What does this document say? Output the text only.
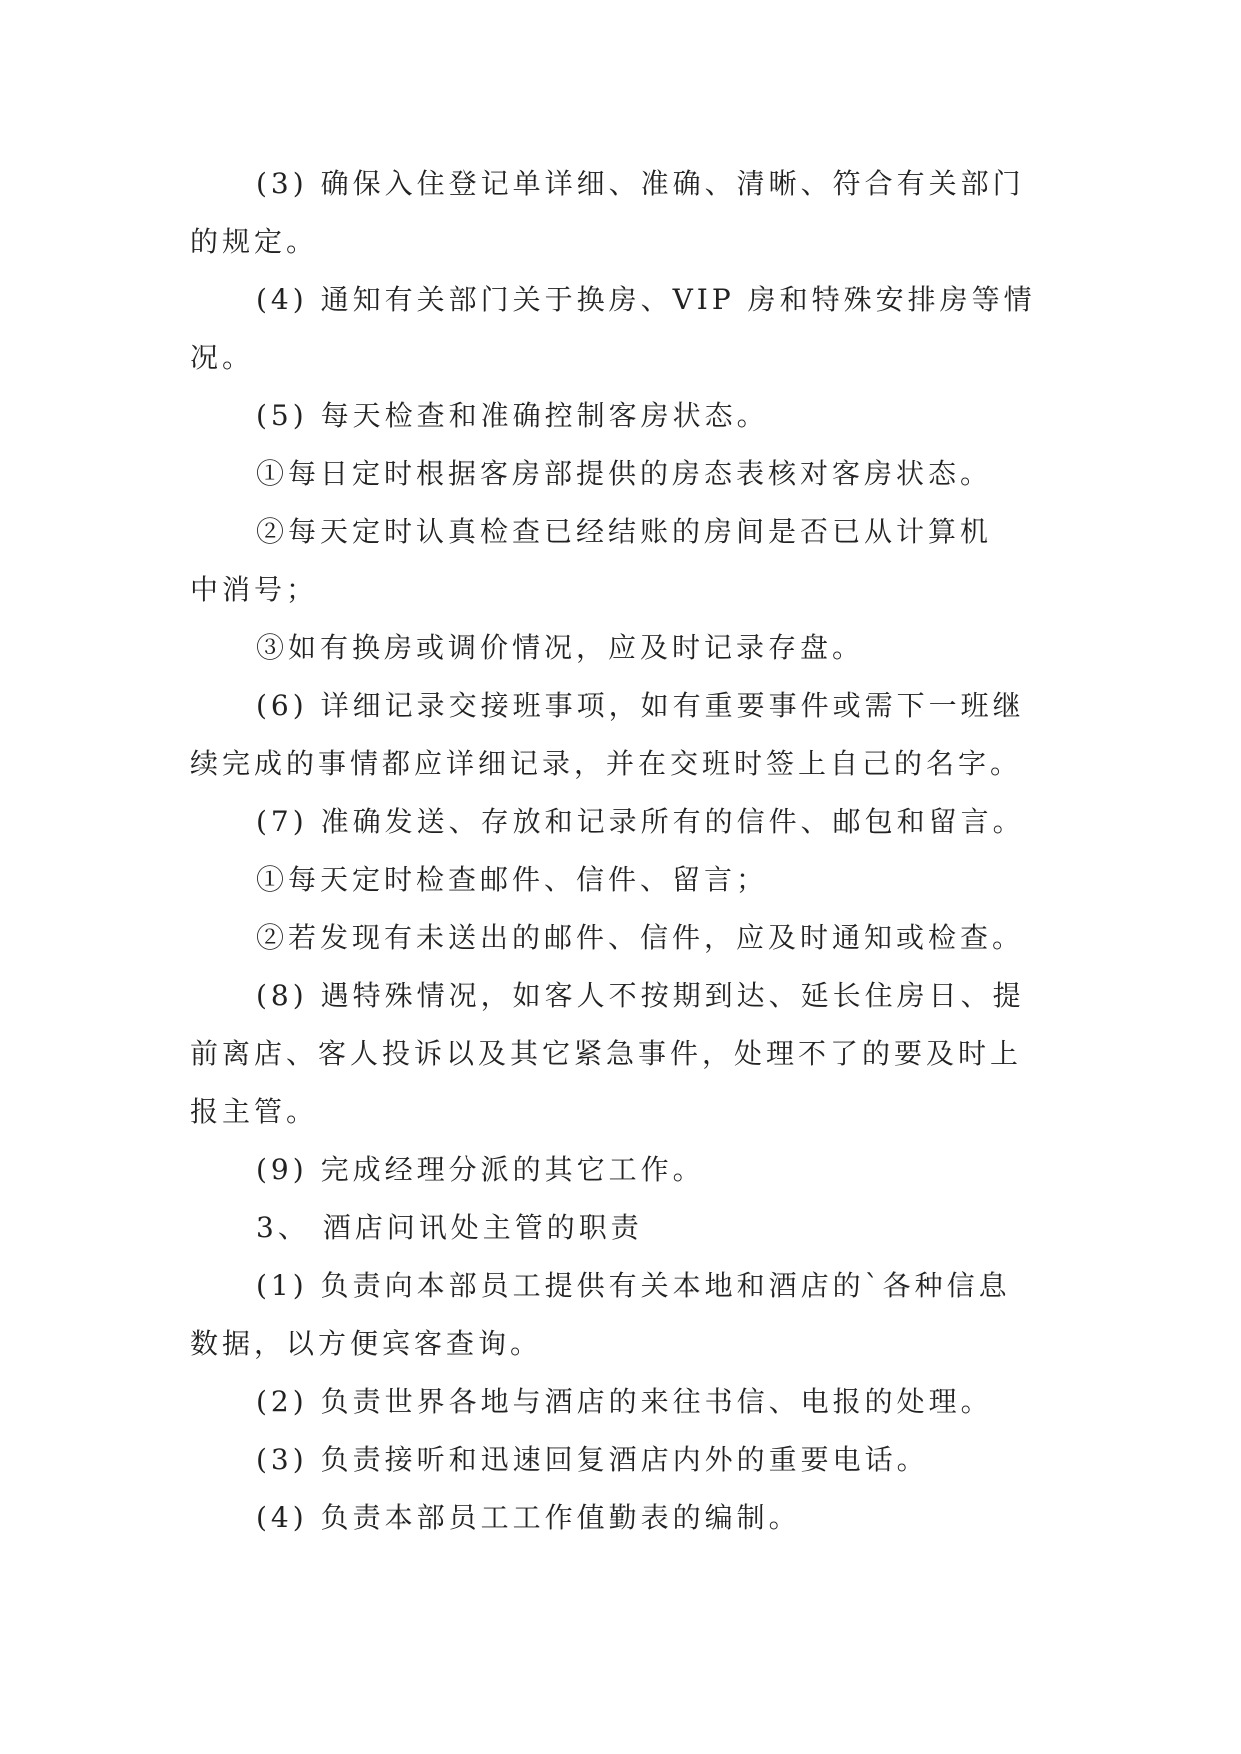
(3) 确保入住登记单详细、准确、清晰、符合有关部门

的规定。

(4) 通知有关部门关于换房、VIP 房和特殊安排房等情

况。

(5) 每天检查和准确控制客房状态。

①每日定时根据客房部提供的房态表核对客房状态。

②每天定时认真检查已经结账的房间是否已从计算机

中消号；

③如有换房或调价情况，应及时记录存盘。

(6) 详细记录交接班事项，如有重要事件或需下一班继

续完成的事情都应详细记录，并在交班时签上自己的名字。

(7) 准确发送、存放和记录所有的信件、邮包和留言。

①每天定时检查邮件、信件、留言；

②若发现有未送出的邮件、信件，应及时通知或检查。

(8) 遇特殊情况，如客人不按期到达、延长住房日、提

前离店、客人投诉以及其它紧急事件，处理不了的要及时上

报主管。

(9) 完成经理分派的其它工作。

3、 酒店问讯处主管的职责

(1) 负责向本部员工提供有关本地和酒店的`各种信息

数据，以方便宾客查询。

(2) 负责世界各地与酒店的来往书信、电报的处理。

(3) 负责接听和迅速回复酒店内外的重要电话。

(4) 负责本部员工工作值勤表的编制。
